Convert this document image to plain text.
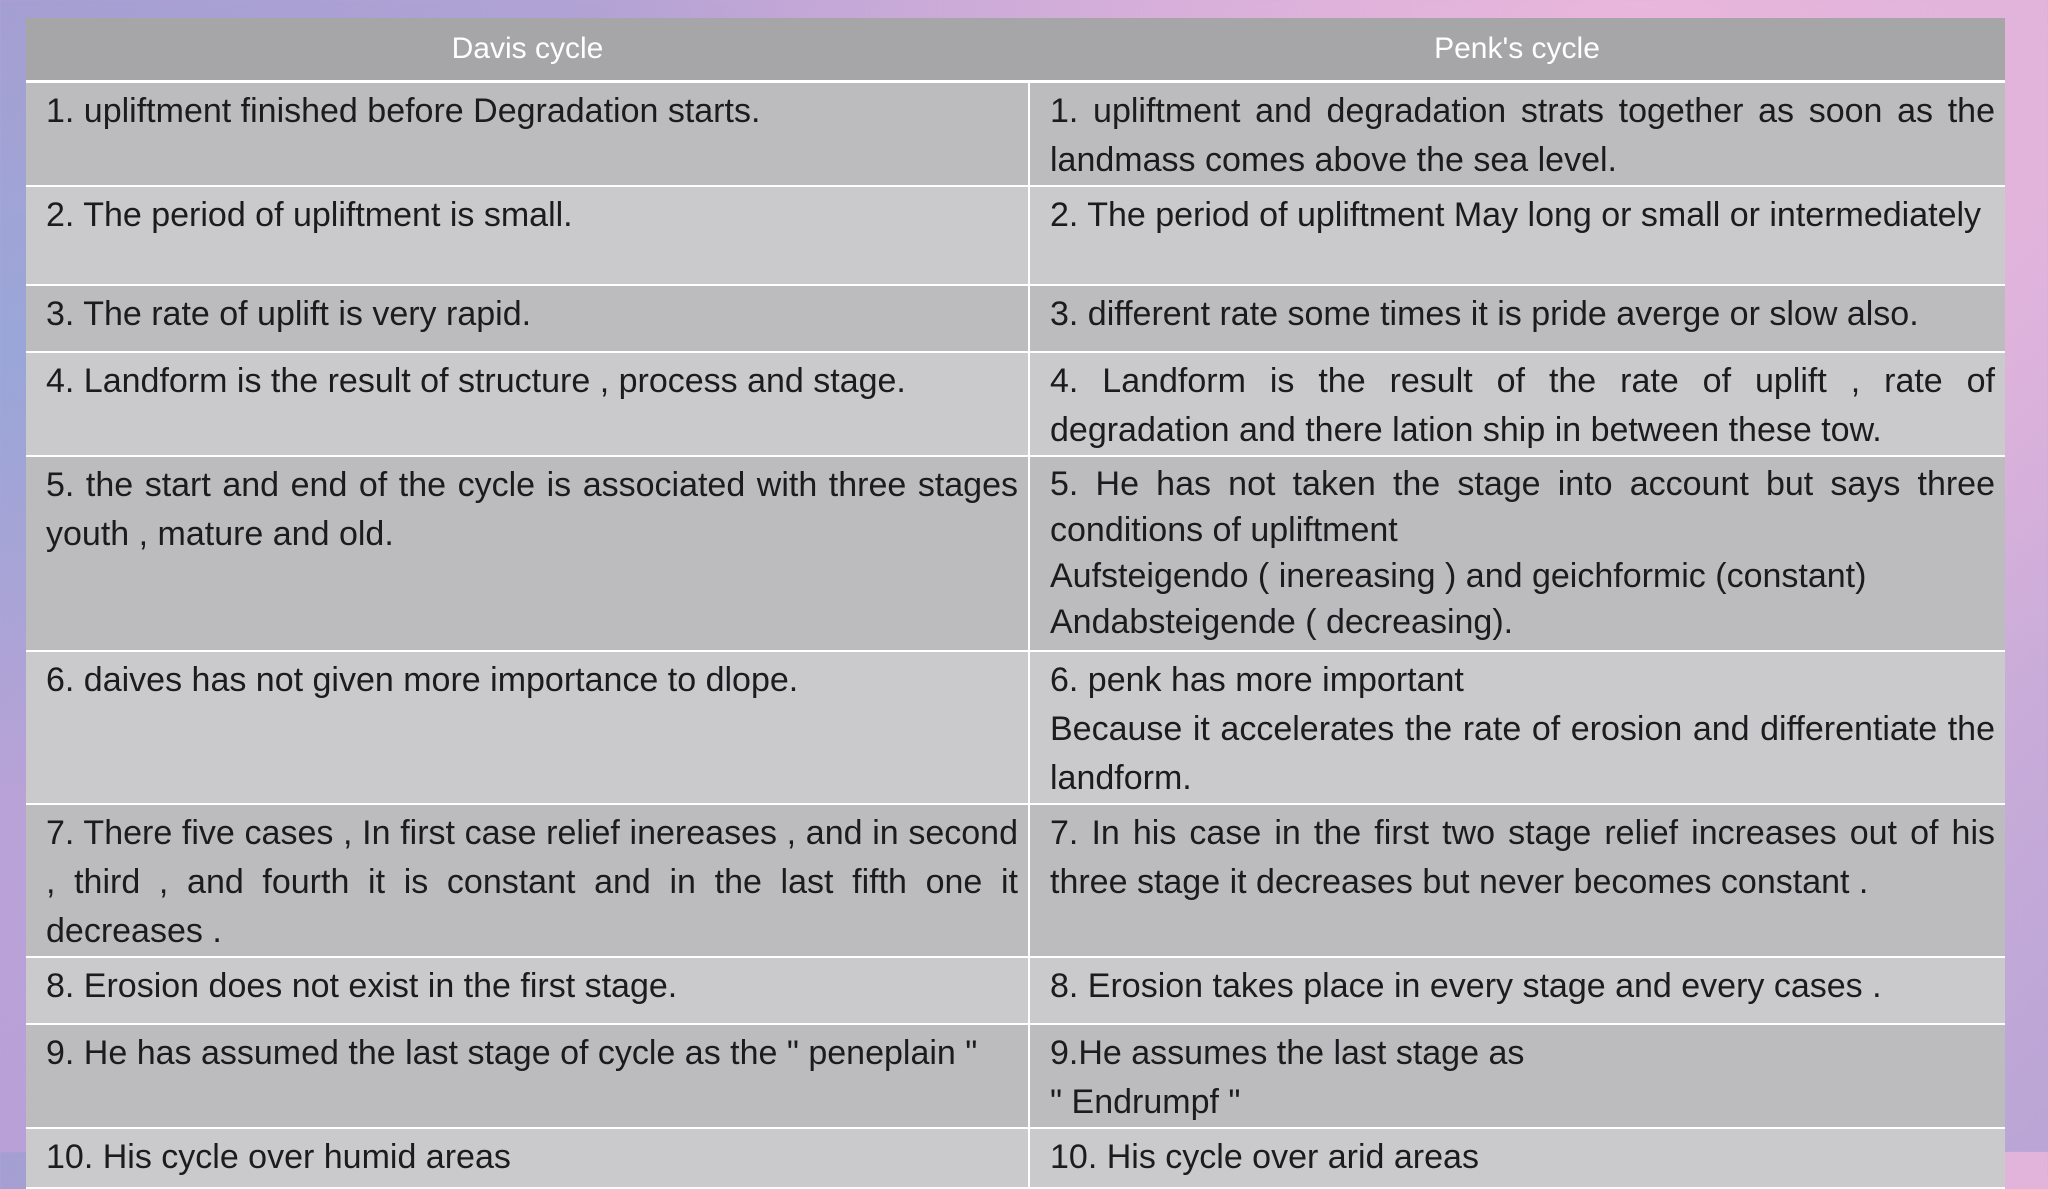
Davis cycle	Penk's cycle
1. upliftment finished before Degradation starts.	1. upliftment and degradation strats together as soon as the landmass comes above the sea level.
2. The period of upliftment is small.	2. The period of upliftment May long or small or intermediately
3. The rate of uplift is very rapid.	3. different rate some times it is pride averge or slow also.
4. Landform is the result of structure , process and stage.	4. Landform is the result of the rate of uplift , rate of degradation and there lation ship in between these tow.
5. the start and end of the cycle is associated with three stages youth , mature and old.	5. He has not taken the stage into account but says three conditions of upliftment
Aufsteigendo ( inereasing ) and geichformic (constant)
Andabsteigende ( decreasing).

6. daives has not given more importance to dlope.	6. penk has more important
Because it accelerates the rate of erosion and differentiate the landform.

7. There five cases , In first case relief inereases , and in second , third , and fourth it is constant and in the last fifth one it decreases .	7. In his case in the first two stage relief increases out of his three stage it decreases but never becomes constant .
8. Erosion does not exist in the first stage.	8. Erosion takes place in every stage and every cases .
9. He has assumed the last stage of cycle as the " peneplain "	9.He assumes the last stage as
" Endrumpf "

10. His cycle over humid areas	10. His cycle over arid areas
